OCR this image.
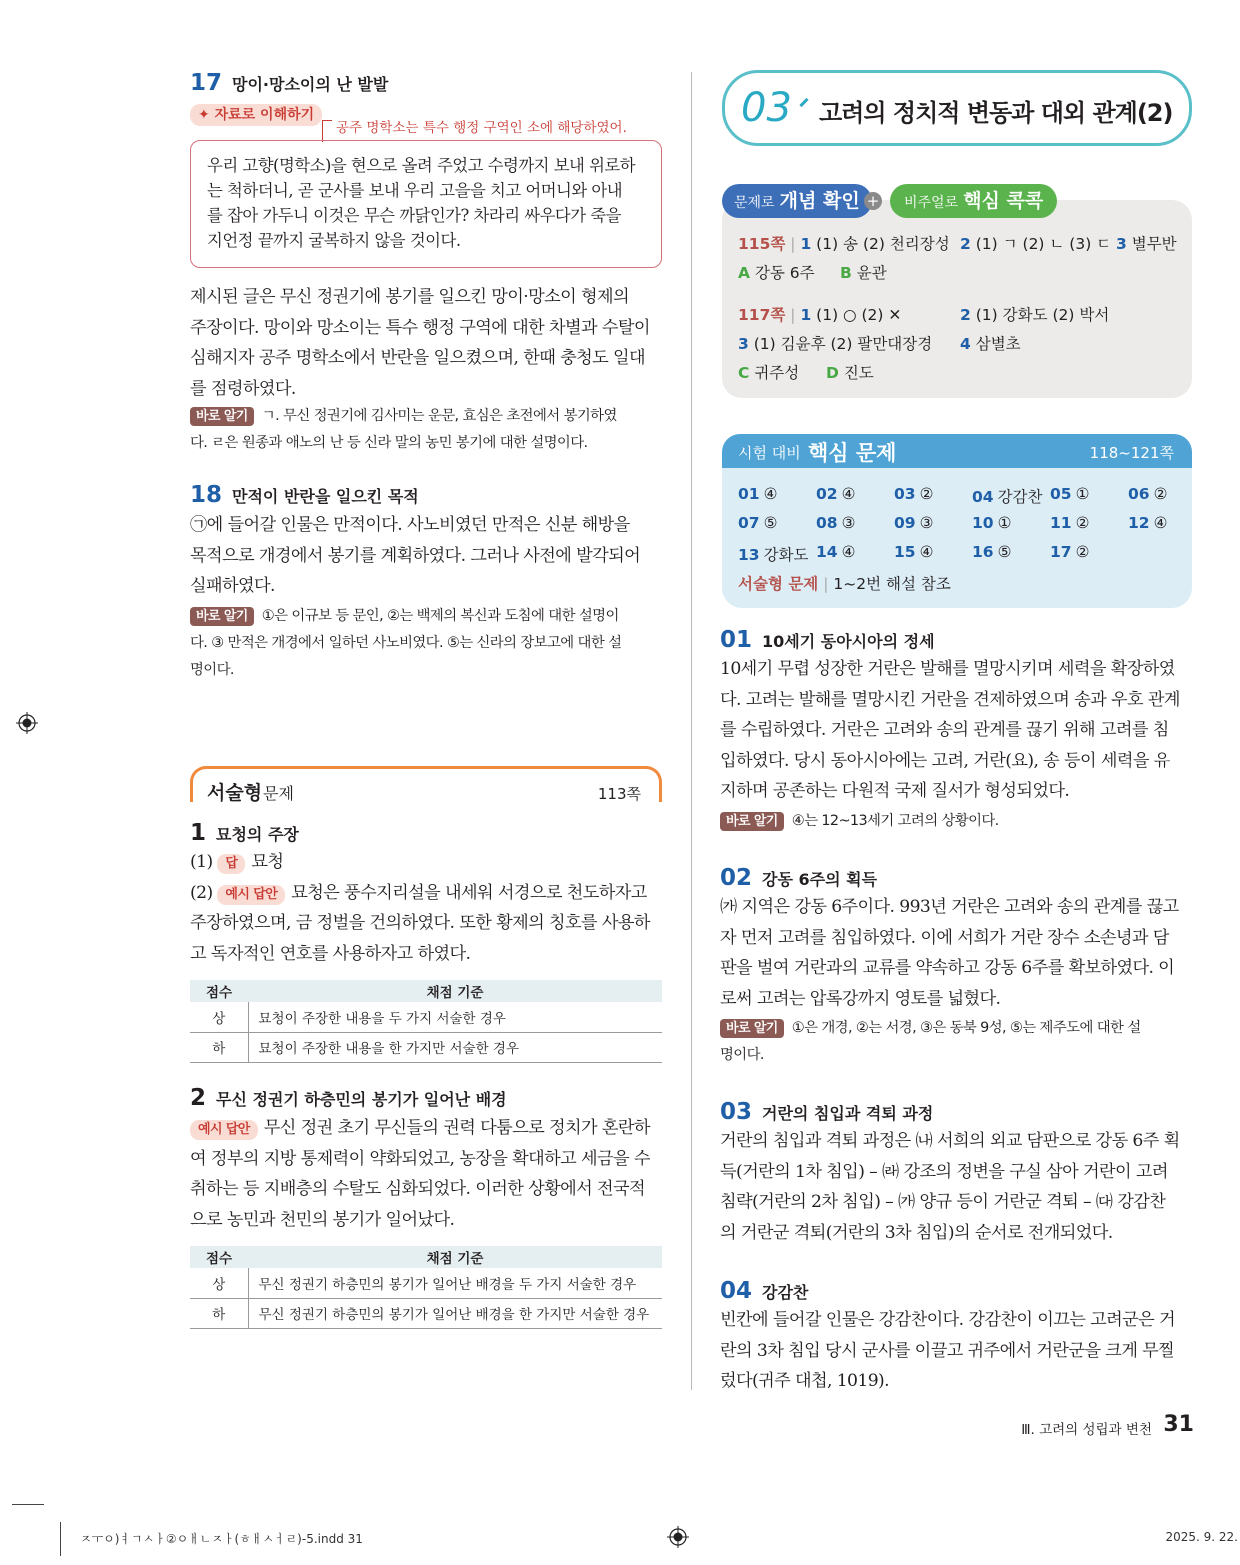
17 망이·망소이의 난 발발
✦ 자료로 이해하기
공주 명학소는 특수 행정 구역인 소에 해당하였어.
우리 고향(명학소)을 현으로 올려 주었고 수령까지 보내 위로하
는 척하더니, 곧 군사를 보내 우리 고을을 치고 어머니와 아내
를 잡아 가두니 이것은 무슨 까닭인가? 차라리 싸우다가 죽을
지언정 끝까지 굴복하지 않을 것이다.
제시된 글은 무신 정권기에 봉기를 일으킨 망이·망소이 형제의
주장이다. 망이와 망소이는 특수 행정 구역에 대한 차별과 수탈이
심해지자 공주 명학소에서 반란을 일으켰으며, 한때 충청도 일대
를 점령하였다.
바로 알기 ㄱ. 무신 정권기에 김사미는 운문, 효심은 초전에서 봉기하였
다. ㄹ은 원종과 애노의 난 등 신라 말의 농민 봉기에 대한 설명이다.
18 만적이 반란을 일으킨 목적
㉠에 들어갈 인물은 만적이다. 사노비였던 만적은 신분 해방을
목적으로 개경에서 봉기를 계획하였다. 그러나 사전에 발각되어
실패하였다.
바로 알기 ①은 이규보 등 문인, ②는 백제의 복신과 도침에 대한 설명이
다. ③ 만적은 개경에서 일하던 사노비였다. ⑤는 신라의 장보고에 대한 설
명이다.
서술형 문제	113쪽
1 묘청의 주장
(1) 답 묘청
(2) 예시 답안 묘청은 풍수지리설을 내세워 서경으로 천도하자고
주장하였으며, 금 정벌을 건의하였다. 또한 황제의 칭호를 사용하
고 독자적인 연호를 사용하자고 하였다.
점수	채점 기준
상	묘청이 주장한 내용을 두 가지 서술한 경우
하	묘청이 주장한 내용을 한 가지만 서술한 경우
2 무신 정권기 하층민의 봉기가 일어난 배경
예시 답안 무신 정권 초기 무신들의 권력 다툼으로 정치가 혼란하
여 정부의 지방 통제력이 약화되었고, 농장을 확대하고 세금을 수
취하는 등 지배층의 수탈도 심화되었다. 이러한 상황에서 전국적
으로 농민과 천민의 봉기가 일어났다.
점수	채점 기준
상	무신 정권기 하층민의 봉기가 일어난 배경을 두 가지 서술한 경우
하	무신 정권기 하층민의 봉기가 일어난 배경을 한 가지만 서술한 경우
03 고려의 정치적 변동과 대외 관계(2)
문제로 개념 확인 +	비주얼로 핵심 콕콕
115쪽 | 1 (1) 송 (2) 천리장성 2 (1) ㄱ (2) ㄴ (3) ㄷ 3 별무반
A 강동 6주 B 윤관
117쪽 | 1 (1) ○ (2) ✕	2 (1) 강화도 (2) 박서
3 (1) 김윤후 (2) 팔만대장경 4 삼별초
C 귀주성 D 진도
시험 대비 핵심 문제	118~121쪽
01 ④ 02 ④ 03 ② 04 강감찬 05 ① 06 ②
07 ⑤ 08 ③ 09 ③ 10 ① 11 ② 12 ④
13 강화도 14 ④ 15 ④ 16 ⑤ 17 ②
서술형 문제 | 1~2번 해설 참조
01 10세기 동아시아의 정세
10세기 무렵 성장한 거란은 발해를 멸망시키며 세력을 확장하였
다. 고려는 발해를 멸망시킨 거란을 견제하였으며 송과 우호 관계
를 수립하였다. 거란은 고려와 송의 관계를 끊기 위해 고려를 침
입하였다. 당시 동아시아에는 고려, 거란(요), 송 등이 세력을 유
지하며 공존하는 다원적 국제 질서가 형성되었다.
바로 알기 ④는 12~13세기 고려의 상황이다.
02 강동 6주의 획득
㈎ 지역은 강동 6주이다. 993년 거란은 고려와 송의 관계를 끊고
자 먼저 고려를 침입하였다. 이에 서희가 거란 장수 소손녕과 담
판을 벌여 거란과의 교류를 약속하고 강동 6주를 확보하였다. 이
로써 고려는 압록강까지 영토를 넓혔다.
바로 알기 ①은 개경, ②는 서경, ③은 동북 9성, ⑤는 제주도에 대한 설
명이다.
03 거란의 침입과 격퇴 과정
거란의 침입과 격퇴 과정은 ㈏ 서희의 외교 담판으로 강동 6주 획
득(거란의 1차 침입) – ㈑ 강조의 정변을 구실 삼아 거란이 고려
침략(거란의 2차 침입) – ㈎ 양규 등이 거란군 격퇴 – ㈐ 강감찬
의 거란군 격퇴(거란의 3차 침입)의 순서로 전개되었다.
04 강감찬
빈칸에 들어갈 인물은 강감찬이다. 강감찬이 이끄는 고려군은 거
란의 3차 침입 당시 군사를 이끌고 귀주에서 거란군을 크게 무찔
렀다(귀주 대첩, 1019).
Ⅲ. 고려의 성립과 변천 31
ㅈㅜㅇ)ㅕㄱㅅㅏ②ㅇㅐㄴㅈㅏ(ㅎㅐㅅㅓㄹ)-5.indd 31	2025. 9. 22.
